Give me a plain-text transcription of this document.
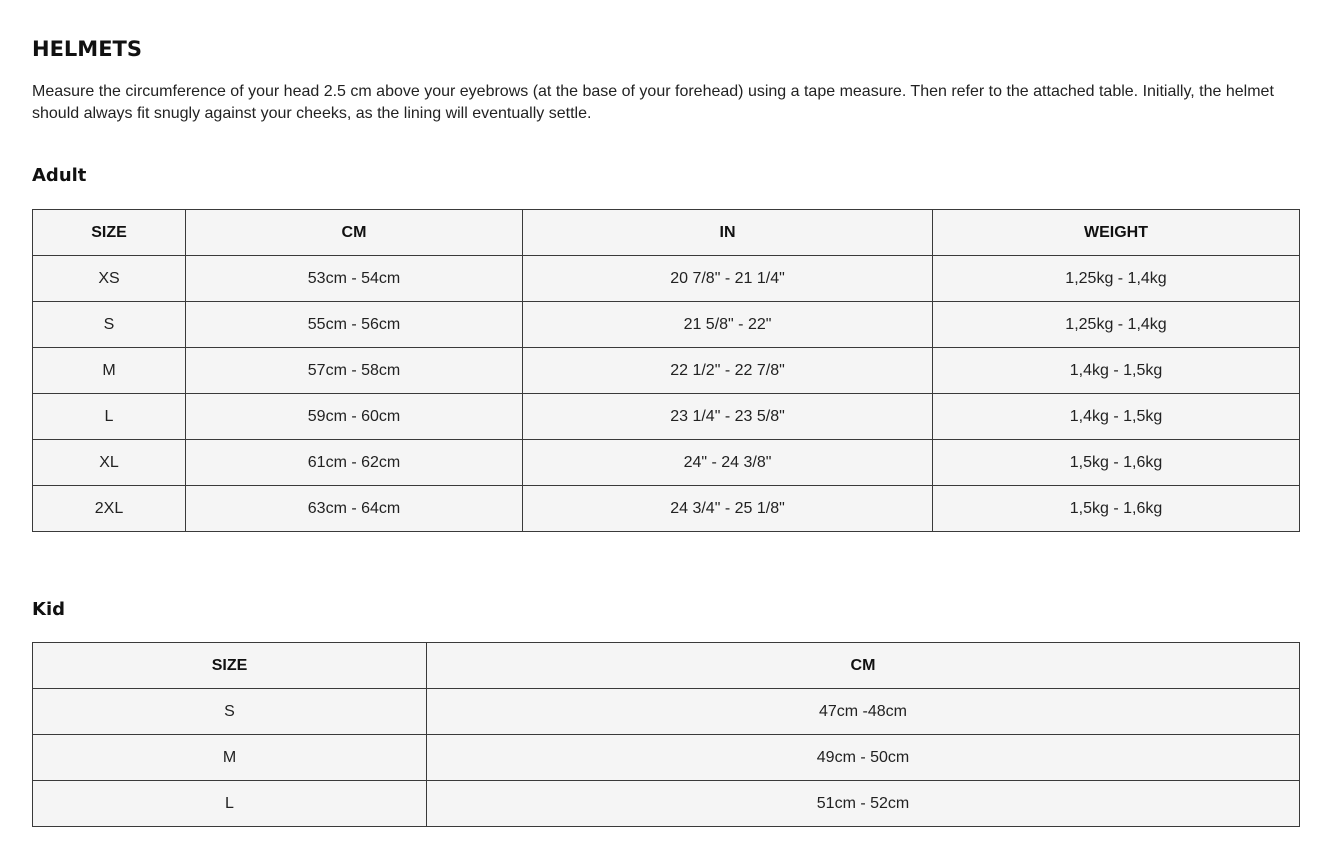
HELMETS

Measure the circumference of your head 2.5 cm above your eyebrows (at the base of your forehead) using a tape measure. Then refer to the attached table. Initially, the helmet should always fit snugly against your cheeks, as the lining will eventually settle.

Adult
SIZE	CM	IN	WEIGHT
XS	53cm - 54cm	20 7/8" - 21 1/4"	1,25kg - 1,4kg
S	55cm - 56cm	21 5/8" - 22"	1,25kg - 1,4kg
M	57cm - 58cm	22 1/2" - 22 7/8"	1,4kg - 1,5kg
L	59cm - 60cm	23 1/4" - 23 5/8"	1,4kg - 1,5kg
XL	61cm - 62cm	24" - 24 3/8"	1,5kg - 1,6kg
2XL	63cm - 64cm	24 3/4" - 25 1/8"	1,5kg - 1,6kg
Kid
SIZE	CM
S	47cm -48cm
M	49cm - 50cm
L	51cm - 52cm
